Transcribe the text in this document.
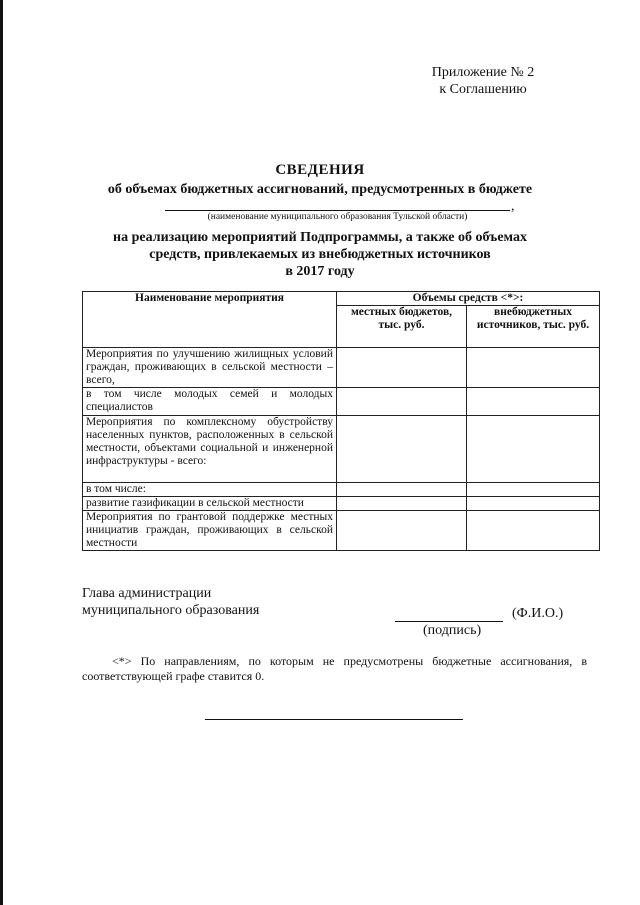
Приложение № 2
к Соглашению
СВЕДЕНИЯ
об объемах бюджетных ассигнований, предусмотренных в бюджете
,
(наименование муниципального образования Тульской области)
на реализацию мероприятий Подпрограммы, а также об объемах
средств, привлекаемых из внебюджетных источников
в 2017 году
Наименование мероприятия	Объемы средств <*>:	
	местных бюджетов, тыс. руб.	внебюджетных источников, тыс. руб.
Мероприятия по улучшению жилищных условий граждан, проживающих в сельской местности – всего,		
в том числе молодых семей и молодых специалистов		
Мероприятия по комплексному обустройству населенных пунктов, расположенных в сельской местности, объектами социальной и инженерной инфраструктуры - всего:		
в том числе:		
развитие газификации в сельской местности		
Мероприятия по грантовой поддержке местных инициатив граждан, проживающих в сельской местности		
Глава администрации
муниципального образования	(Ф.И.О.)
(подпись)
<*> По направлениям, по которым не предусмотрены бюджетные ассигнования, в соответствующей графе ставится 0.
